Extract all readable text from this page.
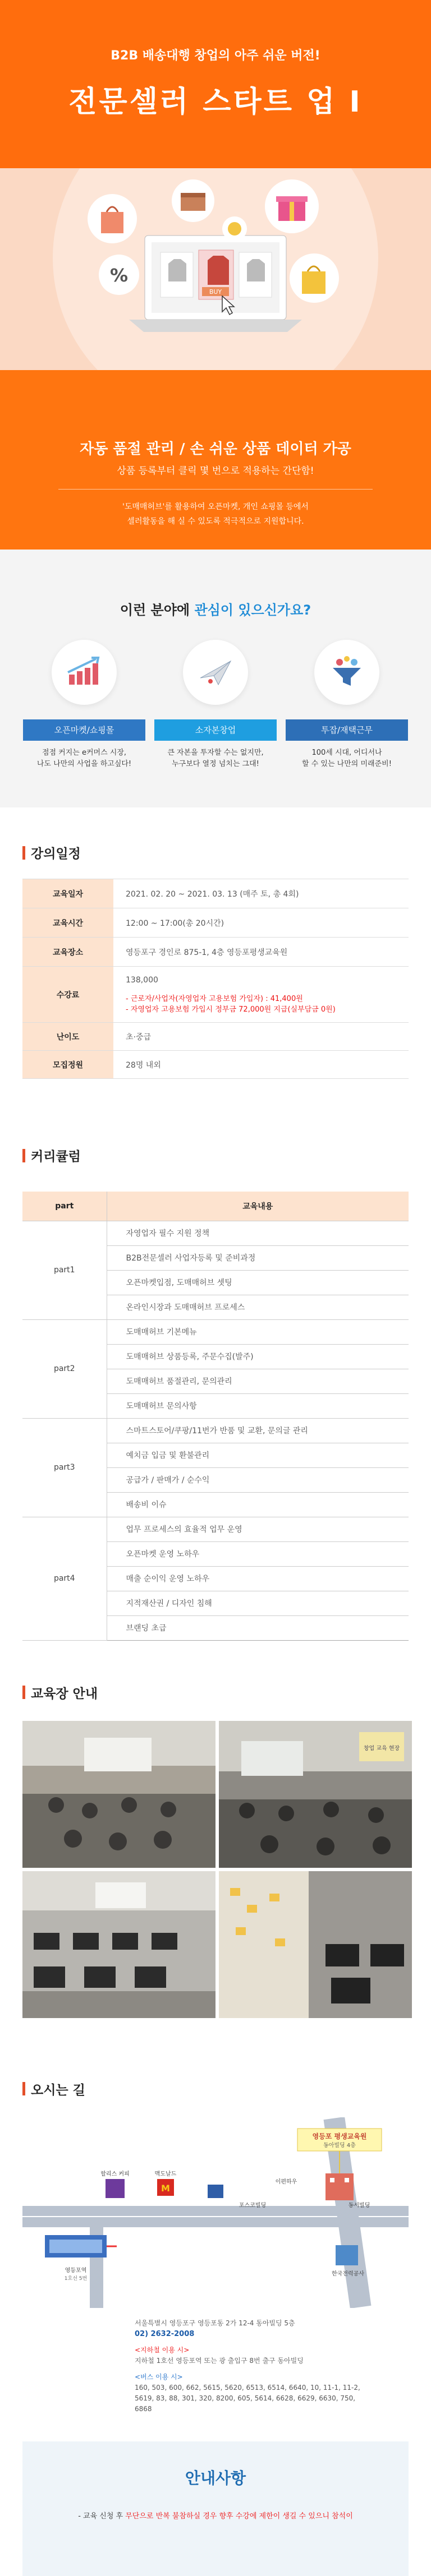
B2B 배송대행 창업의 아주 쉬운 버전!
전문셀러 스타트 업 Ⅰ
BUY
%
자동 품절 관리 / 손 쉬운 상품 데이터 가공
상품 등록부터 클릭 몇 번으로 적용하는 간단함!
'도매매허브'를 활용하여 오픈마켓, 개인 쇼핑몰 등에서
셀러활동을 해 실 수 있도록 적극적으로 지원합니다.
이런 분야에 관심이 있으신가요?
오픈마켓/쇼핑몰
점점 커지는 e커머스 시장,
나도 나만의 사업을 하고싶다!
소자본창업
큰 자본을 투자할 수는 없지만,
누구보다 열정 넘치는 그대!
투잡/재택근무
100세 시대, 어디서나
할 수 있는 나만의 미래준비!
강의일정
교육일자	2021. 02. 20 ~ 2021. 03. 13 (매주 토, 총 4회)
교육시간	12:00 ~ 17:00(총 20시간)
교육장소	영등포구 경인로 875-1, 4층 영등포평생교육원
수강료	138,000
- 근로자/사업자(자영업자 고용보험 가입자) : 41,400원
- 자영업자 고용보험 가입시 정부금 72,000원 지급(실부담금 0원)

난이도	초·중급
모집정원	28명 내외
커리큘럼
part	교육내용
part1	자영업자 필수 지원 정책
	B2B전문셀러 사업자등록 및 준비과정
	오픈마켓입점, 도매매허브 셋팅
	온라인시장과 도매매허브 프로세스
part2	도매매허브 기본메뉴
	도매매허브 상품등록, 주문수집(발주)
	도매매허브 품절관리, 문의관리
	도매매허브 문의사항
part3	스마트스토어/쿠팡/11번가 반품 및 교환, 문의글 관리
	예치금 입금 및 환불관리
	공급가 / 판매가 / 순수익
	배송비 이슈
part4	업무 프로세스의 효율적 업무 운영
	오픈마켓 운영 노하우
	매출 순이익 운영 노하우
	지적재산권 / 디자인 침해
	브랜딩 초급
교육장 안내
창업 교육 현장
오시는 길
영등포 평생교육원
동아빌딩 4층
할리스 커피
M
맥도날드
포스코빌딩
이편하우
동서빌딩
한국전력공사
영등포역
1호선 5번
서울특별시 영등포구 영등포동 2가 12-4 동아빌딩 5층
02) 2632-2008
<지하철 이용 시>
지하철 1호선 영등포역 또는 광 출입구 8번 출구 동아빌딩
<버스 이용 시>
160, 503, 600, 662, 5615, 5620, 6513, 6514, 6640, 10, 11-1, 11-2, 5619, 83, 88, 301, 320, 8200, 605, 5614, 6628, 6629, 6630, 750, 6868
안내사항
- 교육 신청 후 무단으로 반복 불참하실 경우 향후 수강에 제한이 생길 수 있으니 참석이
